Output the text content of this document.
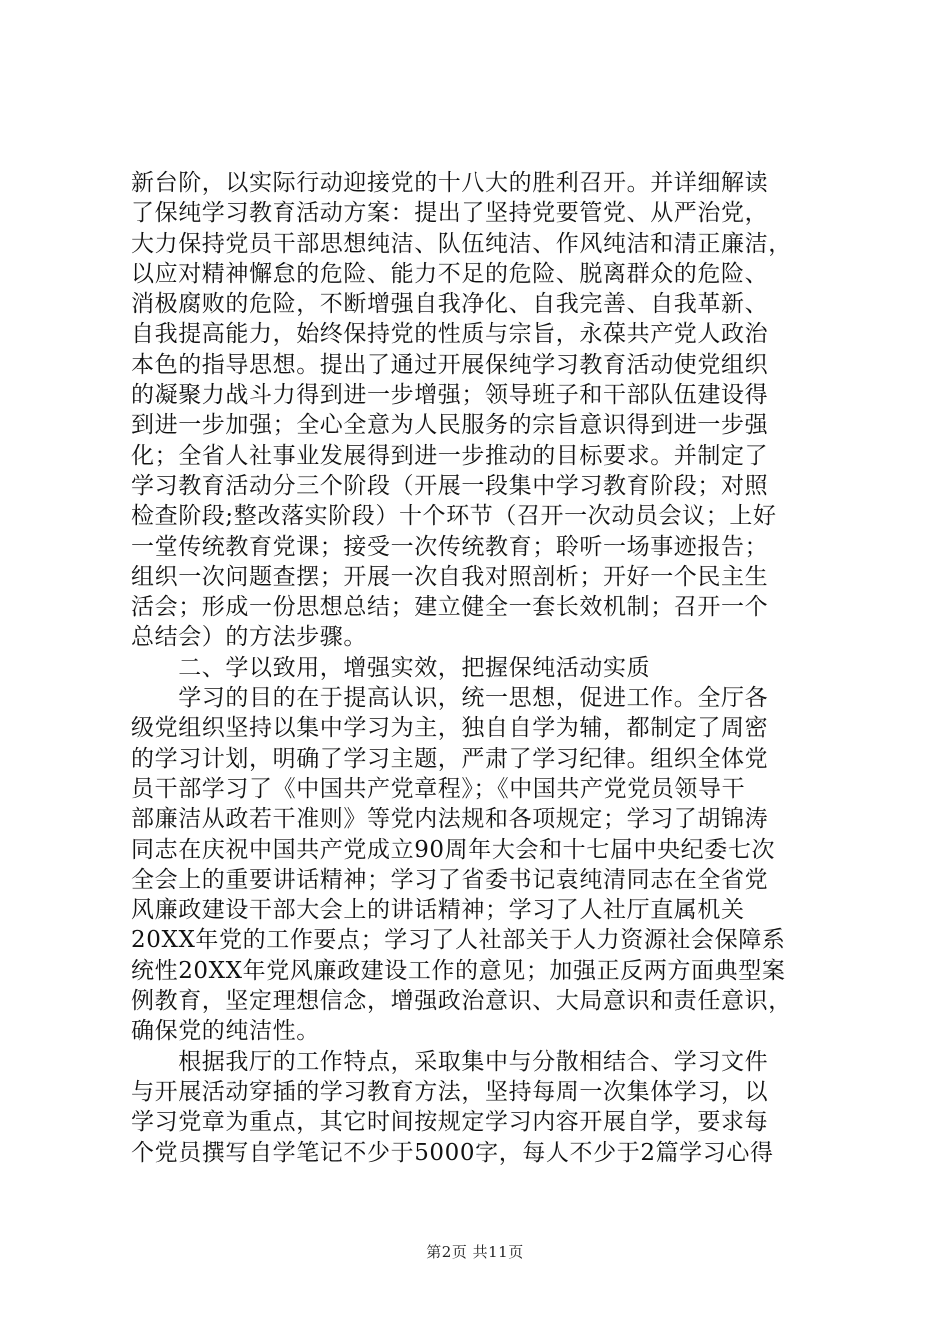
新台阶，以实际行动迎接党的十八大的胜利召开。并详细解读
了保纯学习教育活动方案：提出了坚持党要管党、从严治党，
大力保持党员干部思想纯洁、队伍纯洁、作风纯洁和清正廉洁，
以应对精神懈怠的危险、能力不足的危险、脱离群众的危险、
消极腐败的危险，不断增强自我净化、自我完善、自我革新、
自我提高能力，始终保持党的性质与宗旨，永葆共产党人政治
本色的指导思想。提出了通过开展保纯学习教育活动使党组织
的凝聚力战斗力得到进一步增强；领导班子和干部队伍建设得
到进一步加强；全心全意为人民服务的宗旨意识得到进一步强
化；全省人社事业发展得到进一步推动的目标要求。并制定了
学习教育活动分三个阶段（开展一段集中学习教育阶段；对照
检查阶段;整改落实阶段）十个环节（召开一次动员会议；上好
一堂传统教育党课；接受一次传统教育；聆听一场事迹报告；
组织一次问题查摆；开展一次自我对照剖析；开好一个民主生
活会；形成一份思想总结；建立健全一套长效机制；召开一个
总结会）的方法步骤。
　　二、学以致用，增强实效，把握保纯活动实质
　　学习的目的在于提高认识，统一思想，促进工作。全厅各
级党组织坚持以集中学习为主，独自自学为辅，都制定了周密
的学习计划，明确了学习主题，严肃了学习纪律。组织全体党
员干部学习了《中国共产党章程》；《中国共产党党员领导干
部廉洁从政若干准则》等党内法规和各项规定；学习了胡锦涛
同志在庆祝中国共产党成立90周年大会和十七届中央纪委七次
全会上的重要讲话精神；学习了省委书记袁纯清同志在全省党
风廉政建设干部大会上的讲话精神；学习了人社厅直属机关
20XX年党的工作要点；学习了人社部关于人力资源社会保障系
统性20XX年党风廉政建设工作的意见；加强正反两方面典型案
例教育，坚定理想信念，增强政治意识、大局意识和责任意识，
确保党的纯洁性。
　　根据我厅的工作特点，采取集中与分散相结合、学习文件
与开展活动穿插的学习教育方法，坚持每周一次集体学习，以
学习党章为重点，其它时间按规定学习内容开展自学，要求每
个党员撰写自学笔记不少于5000字，每人不少于2篇学习心得
第2页 共11页
